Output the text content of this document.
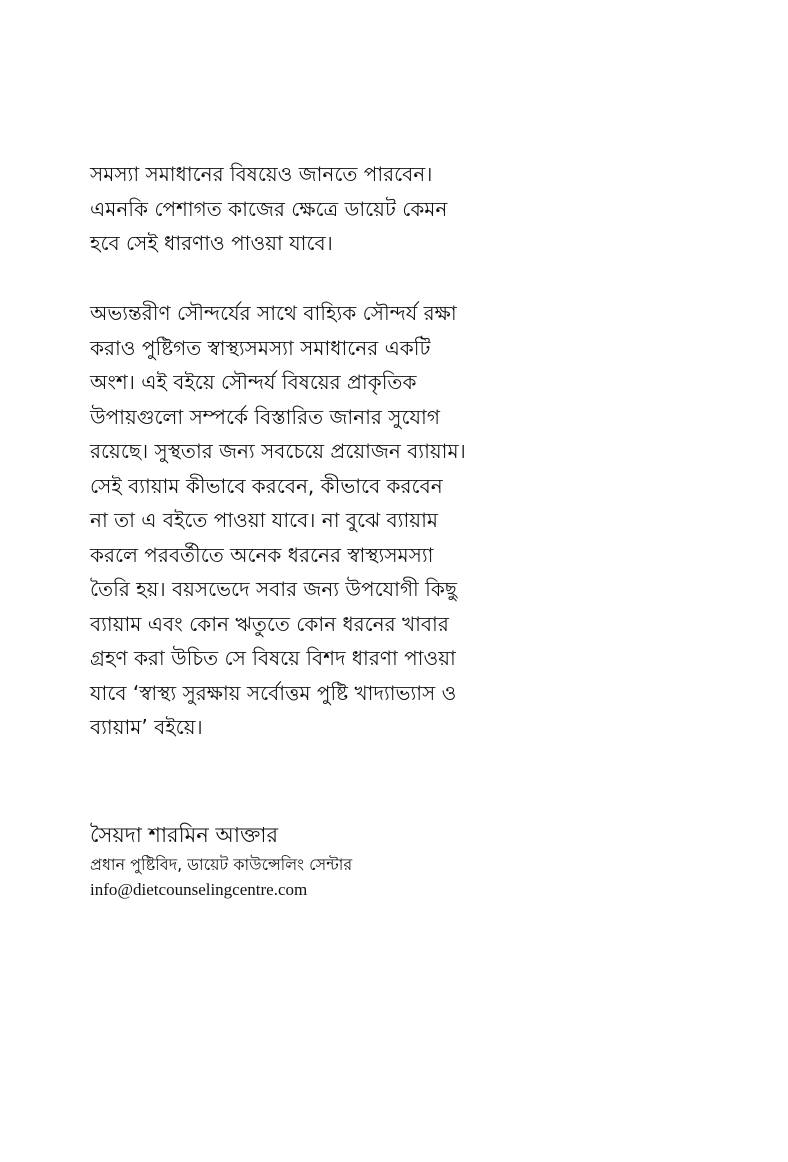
সমস্যা সমাধানের বিষয়েও জানতে পারবেন।
এমনকি পেশাগত কাজের ক্ষেত্রে ডায়েট কেমন
হবে সেই ধারণাও পাওয়া যাবে।

অভ্যন্তরীণ সৌন্দর্যের সাথে বাহ্যিক সৌন্দর্য রক্ষা
করাও পুষ্টিগত স্বাস্থ্যসমস্যা সমাধানের একটি
অংশ। এই বইয়ে সৌন্দর্য বিষয়ের প্রাকৃতিক
উপায়গুলো সম্পর্কে বিস্তারিত জানার সুযোগ
রয়েছে। সুস্থতার জন্য সবচেয়ে প্রয়োজন ব্যায়াম।
সেই ব্যায়াম কীভাবে করবেন, কীভাবে করবেন
না তা এ বইতে পাওয়া যাবে। না বুঝে ব্যায়াম
করলে পরবর্তীতে অনেক ধরনের স্বাস্থ্যসমস্যা
তৈরি হয়। বয়সভেদে সবার জন্য উপযোগী কিছু
ব্যায়াম এবং কোন ঋতুতে কোন ধরনের খাবার
গ্রহণ করা উচিত সে বিষয়ে বিশদ ধারণা পাওয়া
যাবে ‘স্বাস্থ্য সুরক্ষায় সর্বোত্তম পুষ্টি খাদ্যাভ্যাস ও
ব্যায়াম’ বইয়ে।

সৈয়দা শারমিন আক্তার
প্রধান পুষ্টিবিদ, ডায়েট কাউন্সেলিং সেন্টার
info@dietcounselingcentre.com
